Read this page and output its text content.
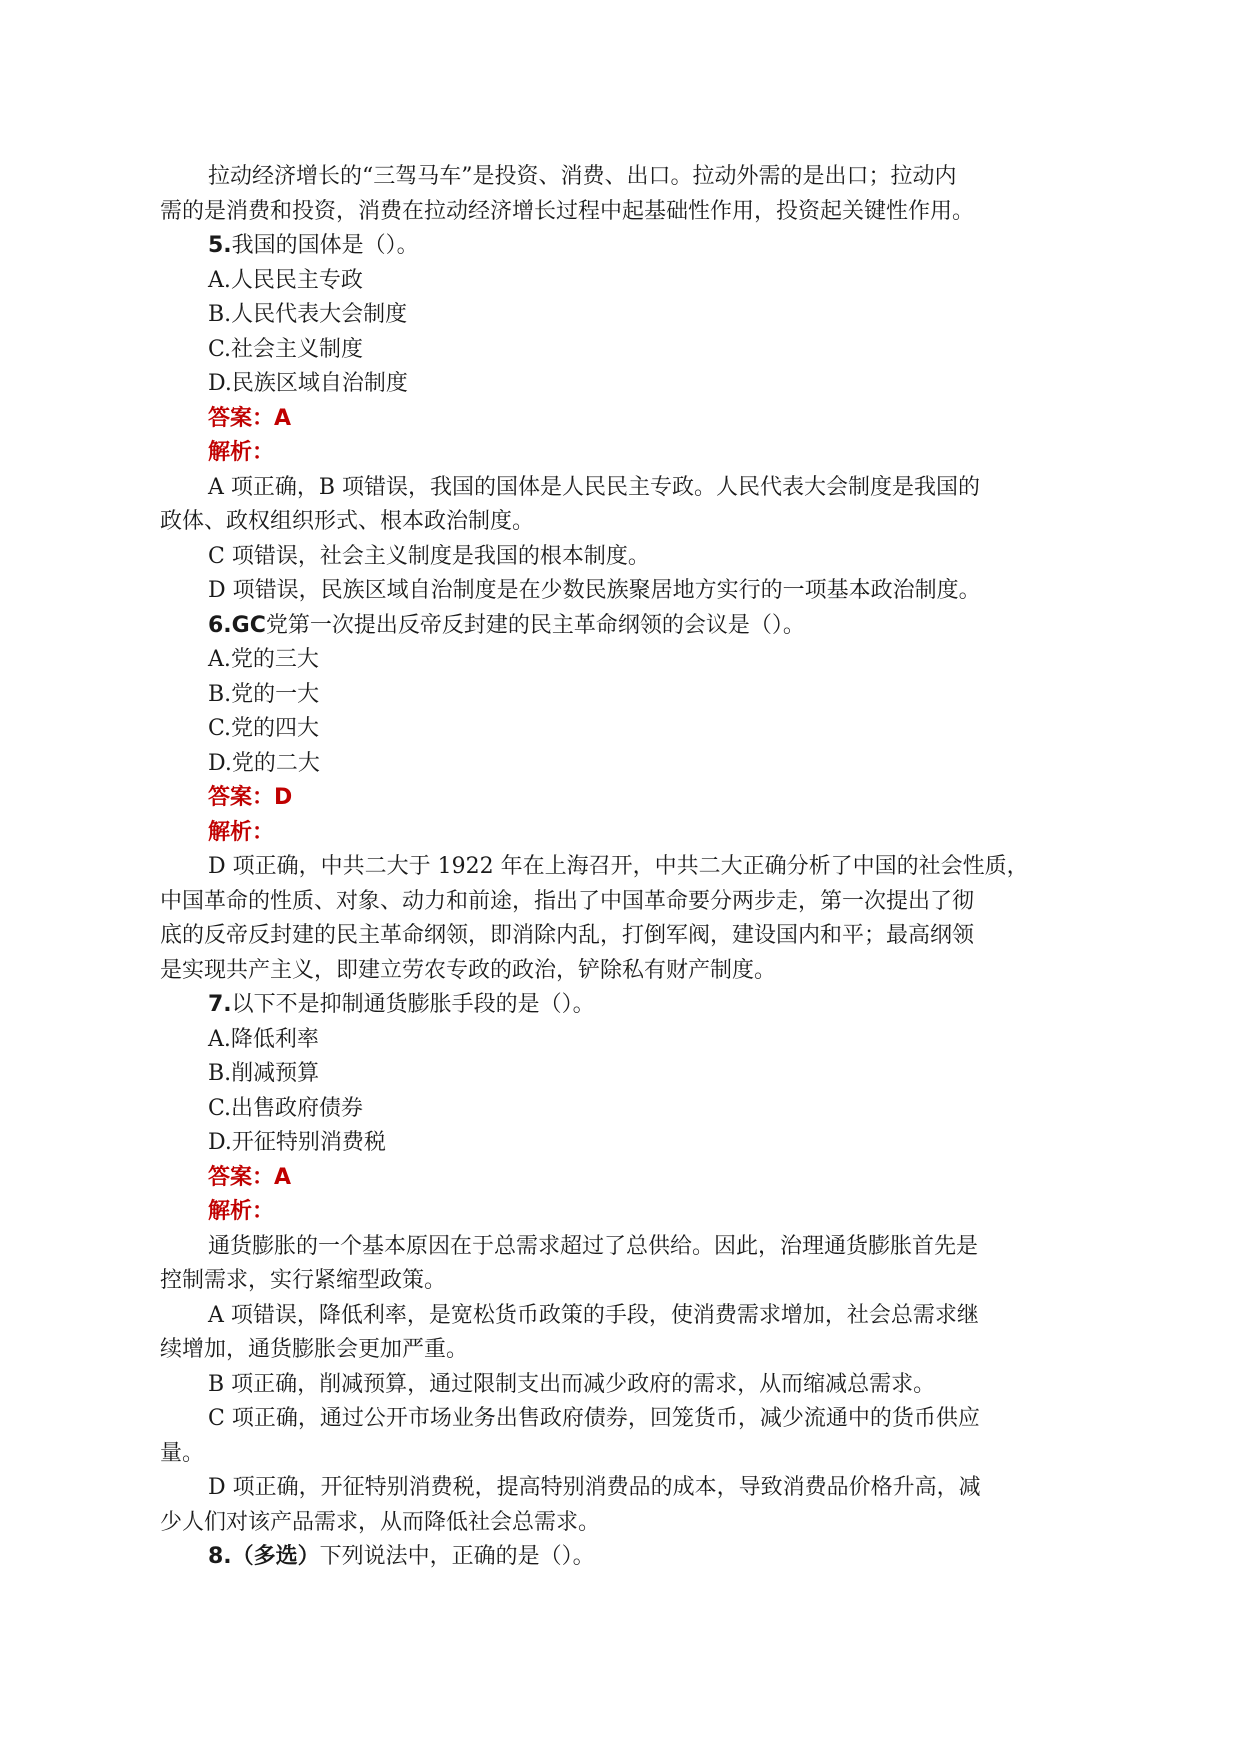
拉动经济增长的“三驾马车”是投资、消费、出口。拉动外需的是出口；拉动内

需的是消费和投资，消费在拉动经济增长过程中起基础性作用，投资起关键性作用。

5.我国的国体是（）。

A.人民民主专政

B.人民代表大会制度

C.社会主义制度

D.民族区域自治制度

答案：A

解析：

A 项正确，B 项错误，我国的国体是人民民主专政。人民代表大会制度是我国的

政体、政权组织形式、根本政治制度。

C 项错误，社会主义制度是我国的根本制度。

D 项错误，民族区域自治制度是在少数民族聚居地方实行的一项基本政治制度。

6.GC党第一次提出反帝反封建的民主革命纲领的会议是（）。

A.党的三大

B.党的一大

C.党的四大

D.党的二大

答案：D

解析：

D 项正确，中共二大于 1922 年在上海召开，中共二大正确分析了中国的社会性质，

中国革命的性质、对象、动力和前途，指出了中国革命要分两步走，第一次提出了彻

底的反帝反封建的民主革命纲领，即消除内乱，打倒军阀，建设国内和平；最高纲领

是实现共产主义，即建立劳农专政的政治，铲除私有财产制度。

7.以下不是抑制通货膨胀手段的是（）。

A.降低利率

B.削减预算

C.出售政府债券

D.开征特别消费税

答案：A

解析：

通货膨胀的一个基本原因在于总需求超过了总供给。因此，治理通货膨胀首先是

控制需求，实行紧缩型政策。

A 项错误，降低利率，是宽松货币政策的手段，使消费需求增加，社会总需求继

续增加，通货膨胀会更加严重。

B 项正确，削减预算，通过限制支出而减少政府的需求，从而缩减总需求。

C 项正确，通过公开市场业务出售政府债券，回笼货币，减少流通中的货币供应

量。

D 项正确，开征特别消费税，提高特别消费品的成本，导致消费品价格升高，减

少人们对该产品需求，从而降低社会总需求。

8.（多选）下列说法中，正确的是（）。
